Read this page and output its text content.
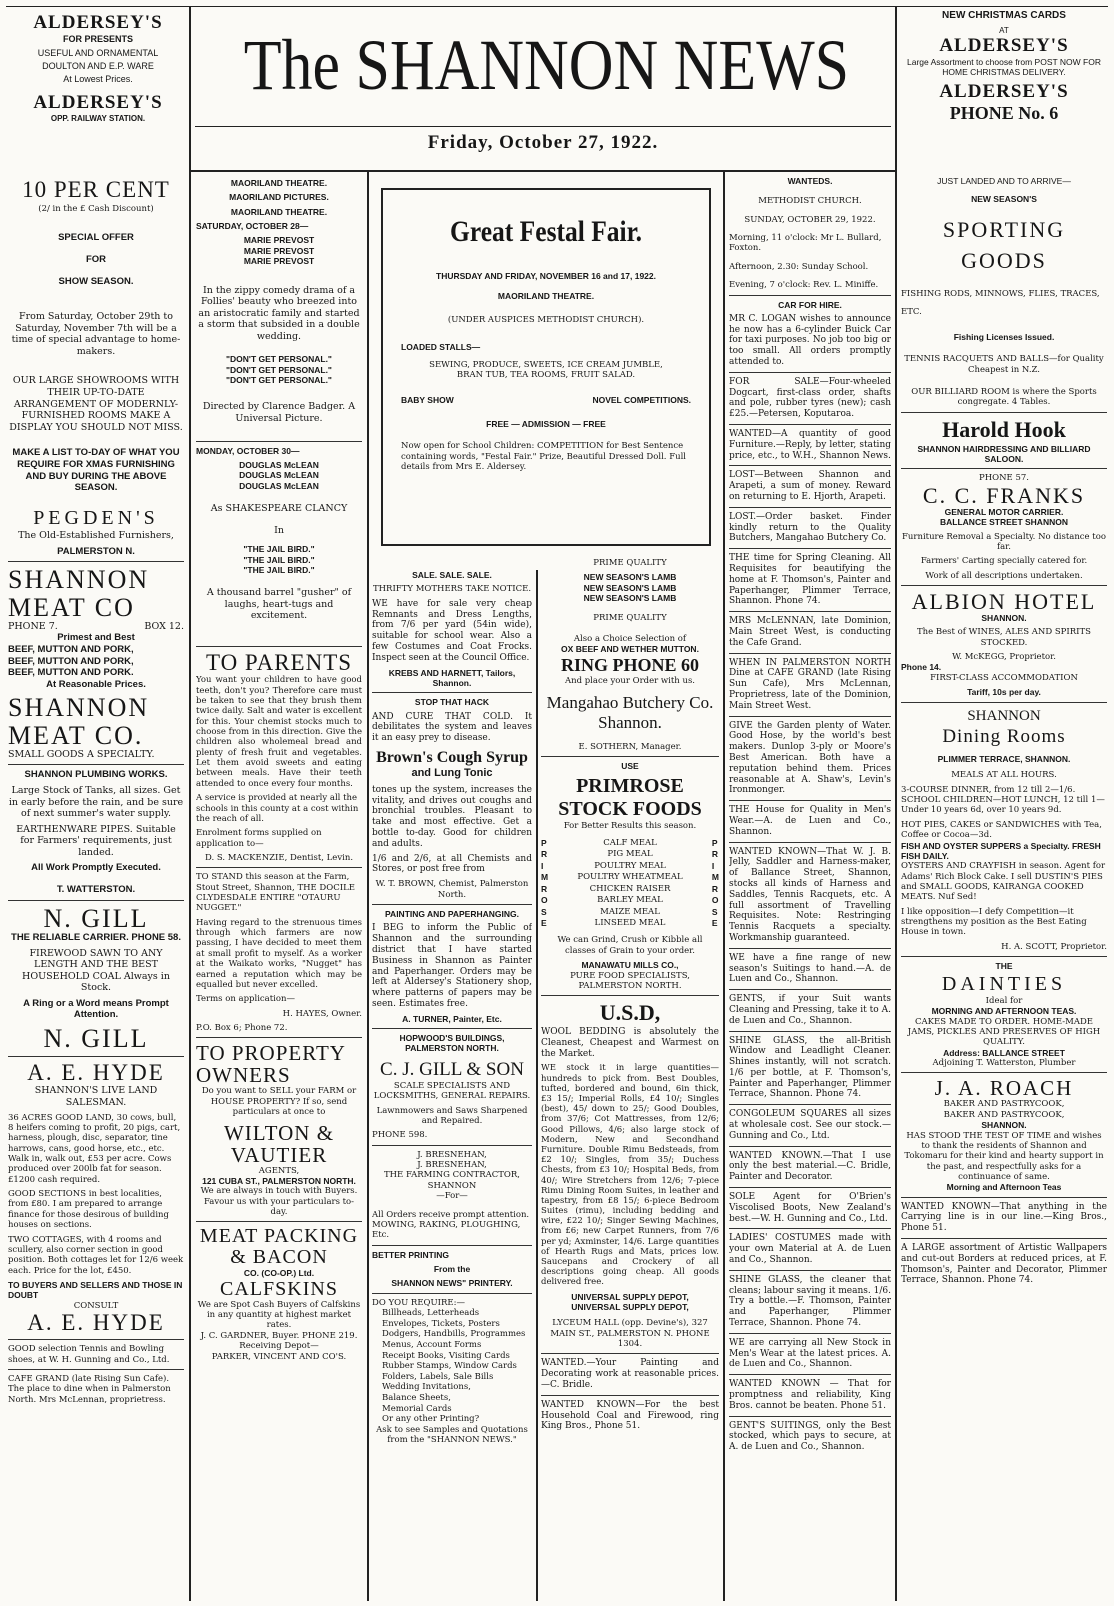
ALDERSEY'S
FOR PRESENTS
USEFUL AND ORNAMENTAL
DOULTON AND E.P. WARE
At Lowest Prices.
ALDERSEY'S
OPP. RAILWAY STATION.
The SHANNON NEWS
Friday, October 27, 1922.
NEW CHRISTMAS CARDS
AT
ALDERSEY'S
Large Assortment to choose from POST NOW FOR HOME CHRISTMAS DELIVERY.
ALDERSEY'S
PHONE No. 6
10 PER CENT

(2/ in the £ Cash Discount)

SPECIAL OFFER

FOR

SHOW SEASON.

From Saturday, October 29th to Saturday, November 7th will be a time of special advantage to home-makers.

OUR LARGE SHOWROOMS WITH THEIR UP-TO-DATE ARRANGEMENT OF MODERNLY-FURNISHED ROOMS MAKE A DISPLAY YOU SHOULD NOT MISS.

MAKE A LIST TO-DAY OF WHAT YOU REQUIRE FOR XMAS FURNISHING AND BUY DURING THE ABOVE SEASON.

PEGDEN'S

The Old-Established Furnishers,

PALMERSTON N.

SHANNON MEAT CO
PHONE 7.	BOX 12.
Primest and Best
BEEF, MUTTON AND PORK,
BEEF, MUTTON AND PORK,
BEEF, MUTTON AND PORK.
At Reasonable Prices.
SHANNON MEAT CO.

SMALL GOODS A SPECIALTY.

SHANNON PLUMBING WORKS.

Large Stock of Tanks, all sizes. Get in early before the rain, and be sure of next summer's water supply.

EARTHENWARE PIPES. Suitable for Farmers' requirements, just landed.

All Work Promptly Executed.

T. WATTERSTON.

N. GILL

THE RELIABLE CARRIER. PHONE 58.

FIREWOOD SAWN TO ANY LENGTH AND THE BEST HOUSEHOLD COAL Always in Stock.

A Ring or a Word means Prompt Attention.

N. GILL
A. E. HYDE

SHANNON'S LIVE LAND SALESMAN.

36 ACRES GOOD LAND, 30 cows, bull, 8 heifers coming to profit, 20 pigs, cart, harness, plough, disc, separator, tine harrows, cans, good horse, etc., etc. Walk in, walk out, £53 per acre. Cows produced over 200lb fat for season. £1200 cash required.

GOOD SECTIONS in best localities, from £80. I am prepared to arrange finance for those desirous of building houses on sections.

TWO COTTAGES, with 4 rooms and scullery, also corner section in good position. Both cottages let for 12/6 week each. Price for the lot, £450.

TO BUYERS AND SELLERS AND THOSE IN DOUBT

CONSULT

A. E. HYDE

GOOD selection Tennis and Bowling shoes, at W. H. Gunning and Co., Ltd.

CAFE GRAND (late Rising Sun Cafe). The place to dine when in Palmerston North. Mrs McLennan, proprietress.

MAORILAND THEATRE.

MAORILAND PICTURES.

MAORILAND THEATRE.

SATURDAY, OCTOBER 28—

MARIE PREVOST
MARIE PREVOST
MARIE PREVOST

In the zippy comedy drama of a Follies' beauty who breezed into an aristocratic family and started a storm that subsided in a double wedding.

"DON'T GET PERSONAL."
"DON'T GET PERSONAL."
"DON'T GET PERSONAL."

Directed by Clarence Badger. A Universal Picture.

MONDAY, OCTOBER 30—

DOUGLAS McLEAN
DOUGLAS McLEAN
DOUGLAS McLEAN

As SHAKESPEARE CLANCY

In

"THE JAIL BIRD."
"THE JAIL BIRD."
"THE JAIL BIRD."

A thousand barrel "gusher" of laughs, heart-tugs and excitement.

TO PARENTS

You want your children to have good teeth, don't you? Therefore care must be taken to see that they brush them twice daily. Salt and water is excellent for this. Your chemist stocks much to choose from in this direction. Give the children also wholemeal bread and plenty of fresh fruit and vegetables. Let them avoid sweets and eating between meals. Have their teeth attended to once every four months.

A service is provided at nearly all the schools in this county at a cost within the reach of all.

Enrolment forms supplied on application to—

D. S. MACKENZIE, Dentist, Levin.

TO STAND this season at the Farm, Stout Street, Shannon, THE DOCILE CLYDESDALE ENTIRE "OTAURU NUGGET."

Having regard to the strenuous times through which farmers are now passing, I have decided to meet them at small profit to myself. As a worker at the Waikato works, "Nugget" has earned a reputation which may be equalled but never excelled.

Terms on application—

H. HAYES, Owner.

P.O. Box 6; Phone 72.

TO PROPERTY OWNERS

Do you want to SELL your FARM or HOUSE PROPERTY? If so, send particulars at once to

WILTON & VAUTIER

AGENTS,

121 CUBA ST., PALMERSTON NORTH.

We are always in touch with Buyers. Favour us with your particulars to-day.

MEAT PACKING & BACON

CO. (CO-OP.) Ltd.

CALFSKINS

We are Spot Cash Buyers of Calfskins in any quantity at highest market rates.

J. C. GARDNER, Buyer. PHONE 219.

Receiving Depot—

PARKER, VINCENT AND CO'S.

Great Festal Fair.

THURSDAY AND FRIDAY, NOVEMBER 16 and 17, 1922.

MAORILAND THEATRE.

(UNDER AUSPICES METHODIST CHURCH).

LOADED STALLS—

SEWING, PRODUCE, SWEETS, ICE CREAM JUMBLE, BRAN TUB, TEA ROOMS, FRUIT SALAD.

BABY SHOW	NOVEL COMPETITIONS.

FREE — ADMISSION — FREE

Now open for School Children: COMPETITION for Best Sentence containing words, "Festal Fair." Prize, Beautiful Dressed Doll. Full details from Mrs E. Aldersey.

SALE. SALE. SALE.

THRIFTY MOTHERS TAKE NOTICE.

WE have for sale very cheap Remnants and Dress Lengths, from 7/6 per yard (54in wide), suitable for school wear. Also a few Costumes and Coat Frocks. Inspect seen at the Council Office.

KREBS AND HARNETT, Tailors, Shannon.

STOP THAT HACK

AND CURE THAT COLD. It debilitates the system and leaves it an easy prey to disease.

Brown's Cough Syrup
and Lung Tonic

tones up the system, increases the vitality, and drives out coughs and bronchial troubles. Pleasant to take and most effective. Get a bottle to-day. Good for children and adults.

1/6 and 2/6, at all Chemists and Stores, or post free from

W. T. BROWN, Chemist, Palmerston North.

PAINTING AND PAPERHANGING.

I BEG to inform the Public of Shannon and the surrounding district that I have started Business in Shannon as Painter and Paperhanger. Orders may be left at Aldersey's Stationery shop, where patterns of papers may be seen. Estimates free.

A. TURNER, Painter, Etc.

HOPWOOD'S BUILDINGS, PALMERSTON NORTH.

C. J. GILL & SON

SCALE SPECIALISTS AND LOCKSMITHS, GENERAL REPAIRS.

Lawnmowers and Saws Sharpened and Repaired.

PHONE 598.

J. BRESNEHAN,
J. BRESNEHAN,
THE FARMING CONTRACTOR, SHANNON

—For—

All Orders receive prompt attention. MOWING, RAKING, PLOUGHING, Etc.

BETTER PRINTING

From the

SHANNON NEWS" PRINTERY.

DO YOU REQUIRE:—

Billheads, Letterheads
Envelopes, Tickets, Posters
Dodgers, Handbills, Programmes
Menus, Account Forms
Receipt Books, Visiting Cards
Rubber Stamps, Window Cards
Folders, Labels, Sale Bills
Wedding Invitations,
Balance Sheets,
Memorial Cards
Or any other Printing?

Ask to see Samples and Quotations from the "SHANNON NEWS."

PRIME QUALITY

NEW SEASON'S LAMB
NEW SEASON'S LAMB
NEW SEASON'S LAMB

PRIME QUALITY

Also a Choice Selection of

OX BEEF AND WETHER MUTTON.

RING PHONE 60

And place your Order with us.

Mangahao Butchery Co. Shannon.

E. SOTHERN, Manager.

USE

PRIMROSE STOCK FOODS

For Better Results this season.

P
R
I
M
R
O
S
E
CALF MEAL
PIG MEAL
POULTRY MEAL
POULTRY WHEATMEAL
CHICKEN RAISER
BARLEY MEAL
MAIZE MEAL
LINSEED MEAL
P
R
I
M
R
O
S
E

We can Grind, Crush or Kibble all classes of Grain to your order.

MANAWATU MILLS CO.,

PURE FOOD SPECIALISTS, PALMERSTON NORTH.

U.S.D,

WOOL BEDDING is absolutely the Cleanest, Cheapest and Warmest on the Market.

WE stock it in large quantities—hundreds to pick from. Best Doubles, tufted, bordered and bound, 6in thick, £3 15/; Imperial Rolls, £4 10/; Singles (best), 45/ down to 25/; Good Doubles, from 37/6; Cot Mattresses, from 12/6; Good Pillows, 4/6; also large stock of Modern, New and Secondhand Furniture. Double Rimu Bedsteads, from £2 10/; Singles, from 35/; Duchess Chests, from £3 10/; Hospital Beds, from 40/; Wire Stretchers from 12/6; 7-piece Rimu Dining Room Suites, in leather and tapestry, from £8 15/; 6-piece Bedroom Suites (rimu), including bedding and wire, £22 10/; Singer Sewing Machines, from £6; new Carpet Runners, from 7/6 per yd; Axminster, 14/6. Large quantities of Hearth Rugs and Mats, prices low. Saucepans and Crockery of all descriptions going cheap. All goods delivered free.

UNIVERSAL SUPPLY DEPOT,
UNIVERSAL SUPPLY DEPOT,

LYCEUM HALL (opp. Devine's), 327 MAIN ST., PALMERSTON N. PHONE 1304.

WANTED.—Your Painting and Decorating work at reasonable prices.—C. Bridle.

WANTED KNOWN—For the best Household Coal and Firewood, ring King Bros., Phone 51.

WANTEDS.

METHODIST CHURCH.

SUNDAY, OCTOBER 29, 1922.

Morning, 11 o'clock: Mr L. Bullard, Foxton.

Afternoon, 2.30: Sunday School.

Evening, 7 o'clock: Rev. L. Miniffe.

CAR FOR HIRE.

MR C. LOGAN wishes to announce he now has a 6-cylinder Buick Car for taxi purposes. No job too big or too small. All orders promptly attended to.

FOR SALE—Four-wheeled Dogcart, first-class order, shafts and pole, rubber tyres (new); cash £25.—Petersen, Koputaroa.

WANTED—A quantity of good Furniture.—Reply, by letter, stating price, etc., to W.H., Shannon News.

LOST—Between Shannon and Arapeti, a sum of money. Reward on returning to E. Hjorth, Arapeti.

LOST.—Order basket. Finder kindly return to the Quality Butchers, Mangahao Butchery Co.

THE time for Spring Cleaning. All Requisites for beautifying the home at F. Thomson's, Painter and Paperhanger, Plimmer Terrace, Shannon. Phone 74.

MRS McLENNAN, late Dominion, Main Street West, is conducting the Cafe Grand.

WHEN IN PALMERSTON NORTH Dine at CAFE GRAND (late Rising Sun Cafe), Mrs McLennan, Proprietress, late of the Dominion, Main Street West.

GIVE the Garden plenty of Water. Good Hose, by the world's best makers. Dunlop 3-ply or Moore's Best American. Both have a reputation behind them. Prices reasonable at A. Shaw's, Levin's Ironmonger.

THE House for Quality in Men's Wear.—A. de Luen and Co., Shannon.

WANTED KNOWN—That W. J. B. Jelly, Saddler and Harness-maker, of Ballance Street, Shannon, stocks all kinds of Harness and Saddles, Tennis Racquets, etc. A full assortment of Travelling Requisites. Note: Restringing Tennis Racquets a specialty. Workmanship guaranteed.

WE have a fine range of new season's Suitings to hand.—A. de Luen and Co., Shannon.

GENTS, if your Suit wants Cleaning and Pressing, take it to A. de Luen and Co., Shannon.

SHINE GLASS, the all-British Window and Leadlight Cleaner. Shines instantly, will not scratch. 1/6 per bottle, at F. Thomson's, Painter and Paperhanger, Plimmer Terrace, Shannon. Phone 74.

CONGOLEUM SQUARES all sizes at wholesale cost. See our stock.—Gunning and Co., Ltd.

WANTED KNOWN.—That I use only the best material.—C. Bridle, Painter and Decorator.

SOLE Agent for O'Brien's Viscolised Boots, New Zealand's best.—W. H. Gunning and Co., Ltd.

LADIES' COSTUMES made with your own Material at A. de Luen and Co., Shannon.

SHINE GLASS, the cleaner that cleans; labour saving it means. 1/6. Try a bottle.—F. Thomson, Painter and Paperhanger, Plimmer Terrace, Shannon. Phone 74.

WE are carrying all New Stock in Men's Wear at the latest prices. A. de Luen and Co., Shannon.

WANTED KNOWN — That for promptness and reliability, King Bros. cannot be beaten. Phone 51.

GENT'S SUITINGS, only the Best stocked, which pays to secure, at A. de Luen and Co., Shannon.

JUST LANDED AND TO ARRIVE—

NEW SEASON'S

SPORTING GOODS

FISHING RODS, MINNOWS, FLIES, TRACES, ETC.

Fishing Licenses Issued.

TENNIS RACQUETS AND BALLS—for Quality Cheapest in N.Z.

OUR BILLIARD ROOM is where the Sports congregate. 4 Tables.

Harold Hook

SHANNON HAIRDRESSING AND BILLIARD SALOON.

PHONE 57.

C. C. FRANKS

GENERAL MOTOR CARRIER.

BALLANCE STREET SHANNON

Furniture Removal a Specialty. No distance too far.

Farmers' Carting specially catered for.

Work of all descriptions undertaken.

ALBION HOTEL

SHANNON.

The Best of WINES, ALES AND SPIRITS STOCKED.

W. McKEGG, Proprietor.

Phone 14.

FIRST-CLASS ACCOMMODATION

Tariff, 10s per day.

SHANNON
Dining Rooms

PLIMMER TERRACE, SHANNON.

MEALS AT ALL HOURS.

3-COURSE DINNER, from 12 till 2—1/6. SCHOOL CHILDREN—HOT LUNCH, 12 till 1—Under 10 years 6d, over 10 years 9d.

HOT PIES, CAKES or SANDWICHES with Tea, Coffee or Cocoa—3d.

FISH AND OYSTER SUPPERS a Specialty. FRESH FISH DAILY.

OYSTERS AND CRAYFISH in season. Agent for Adams' Rich Block Cake. I sell DUSTIN'S PIES and SMALL GOODS, KAIRANGA COOKED MEATS. Nuf Sed!

I like opposition—I defy Competition—it strengthens my position as the Best Eating House in town.

H. A. SCOTT, Proprietor.

THE

DAINTIES

Ideal for

MORNING AND AFTERNOON TEAS.

CAKES MADE TO ORDER. HOME-MADE JAMS, PICKLES AND PRESERVES OF HIGH QUALITY.

Address: BALLANCE STREET

Adjoining T. Watterston, Plumber

J. A. ROACH
BAKER AND PASTRYCOOK,
BAKER AND PASTRYCOOK,

SHANNON.

HAS STOOD THE TEST OF TIME and wishes to thank the residents of Shannon and Tokomaru for their kind and hearty support in the past, and respectfully asks for a continuance of same.

Morning and Afternoon Teas

WANTED KNOWN—That anything in the Carrying line is in our line.—King Bros., Phone 51.

A LARGE assortment of Artistic Wallpapers and cut-out Borders at reduced prices, at F. Thomson's, Painter and Decorator, Plimmer Terrace, Shannon. Phone 74.
